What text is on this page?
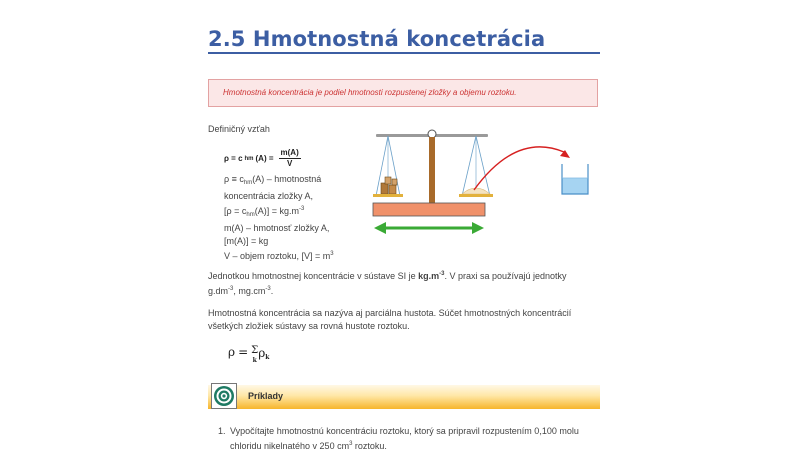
2.5 Hmotnostná koncetrácia
Hmotnostná koncentrácia je podiel hmotnosti rozpustenej zložky a objemu roztoku.
Definičný vzťah
ρ = c hm $(A) = \frac{m(A)}{V}$
$\rho \equiv c_{hm}(A)$ – hmotnostná
koncentrácia zložky A,
$[\rho = c_{hm}(A)] = kg.m^{-3}$
m(A) – hmotnosť zložky A,
[m(A)] = kg
V – objem roztoku, $[V] = m^3$
Jednotkou hmotnostnej koncentrácie v sústave SI je $kg.m^{-3}$. V praxi sa používajú jednotky
$g.dm^{-3}$, $mg.cm^{-3}$.
Hmotnostná koncentrácia sa nazýva aj parciálna hustota. Súčet hmotnostných koncentrácií
všetkých zložiek sústavy sa rovná hustote roztoku.
ρ = Σ
k
$\rho_k$
Príklady
1. Vypočítajte hmotnostnú koncentráciu roztoku, ktorý sa pripravil rozpustením 0,100 molu
chloridu nikelnatého v 250 $cm^3$ roztoku.
